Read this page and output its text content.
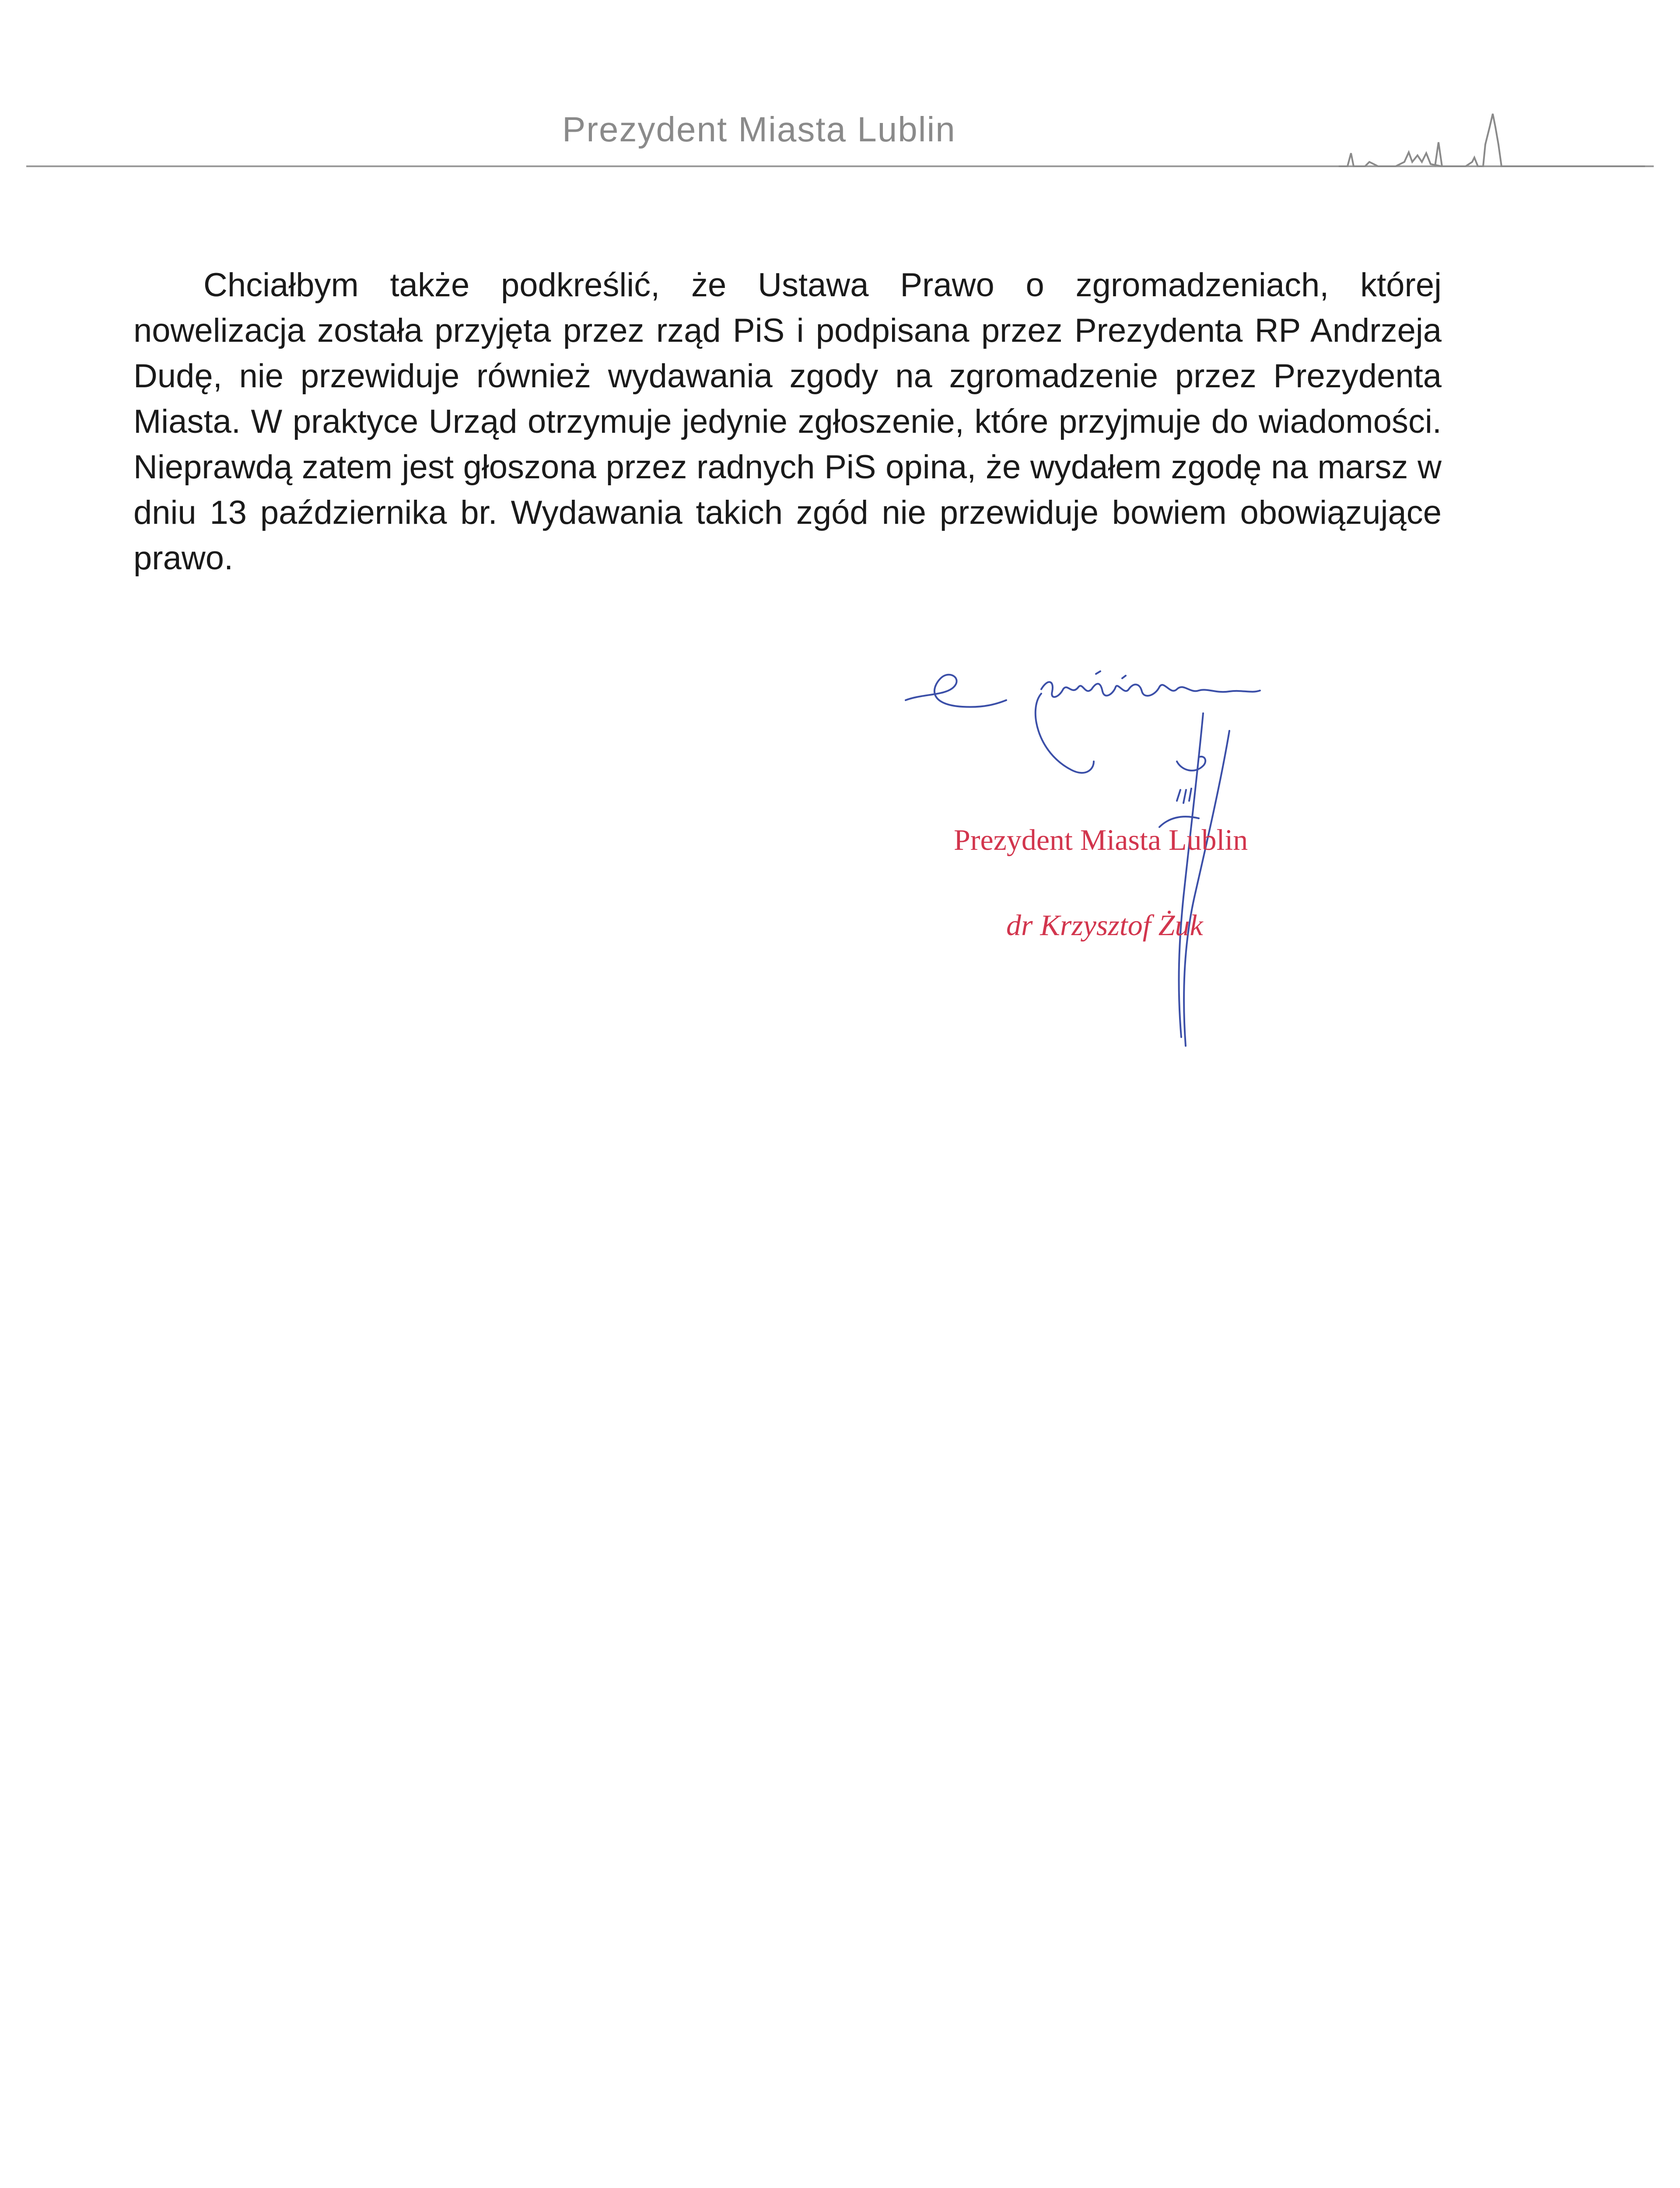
Prezydent Miasta Lublin

Chciałbym także podkreślić, że Ustawa Prawo o zgromadzeniach, której nowelizacja została przyjęta przez rząd PiS i podpisana przez Prezydenta RP Andrzeja Dudę, nie przewiduje również wydawania zgody na zgromadzenie przez Prezydenta Miasta. W praktyce Urząd otrzymuje jedynie zgłoszenie, które przyjmuje do wiadomości. Nieprawdą zatem jest głoszona przez radnych PiS opina, że wydałem zgodę na marsz w dniu 13 października br. Wydawania takich zgód nie przewiduje bowiem obowiązujące prawo.

Prezydent Miasta Lublin
dr Krzysztof Żuk
